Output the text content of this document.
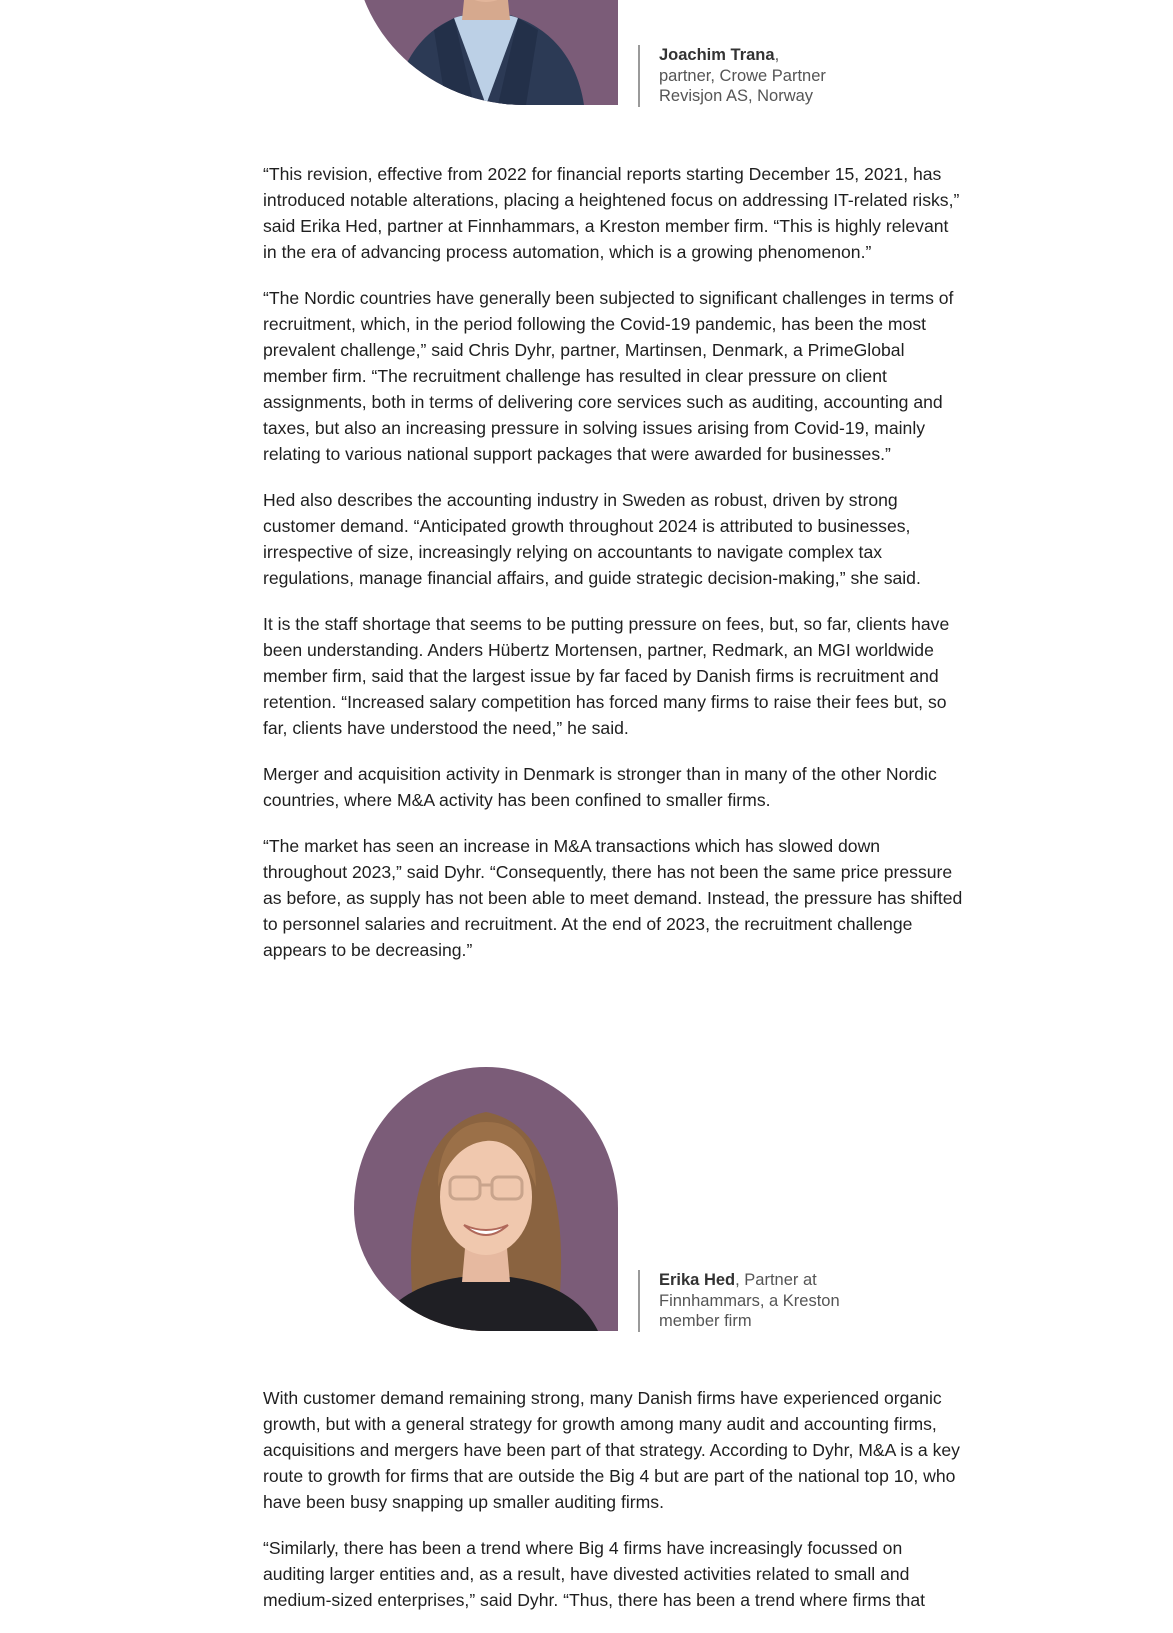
Joachim Trana,
partner, Crowe Partner
Revisjon AS, Norway

“This revision, effective from 2022 for financial reports starting December 15, 2021, has introduced notable alterations, placing a heightened focus on addressing IT-related risks,” said Erika Hed, partner at Finnhammars, a Kreston member firm. “This is highly relevant in the era of advancing process automation, which is a growing phenomenon.”

“The Nordic countries have generally been subjected to significant challenges in terms of recruitment, which, in the period following the Covid-19 pandemic, has been the most prevalent challenge,” said Chris Dyhr, partner, Martinsen, Denmark, a PrimeGlobal member firm. “The recruitment challenge has resulted in clear pressure on client assignments, both in terms of delivering core services such as auditing, accounting and taxes, but also an increasing pressure in solving issues arising from Covid-19, mainly relating to various national support packages that were awarded for businesses.”

Hed also describes the accounting industry in Sweden as robust, driven by strong customer demand. “Anticipated growth throughout 2024 is attributed to businesses, irrespective of size, increasingly relying on accountants to navigate complex tax regulations, manage financial affairs, and guide strategic decision-making,” she said.

It is the staff shortage that seems to be putting pressure on fees, but, so far, clients have been understanding. Anders Hübertz Mortensen, partner, Redmark, an MGI worldwide member firm, said that the largest issue by far faced by Danish firms is recruitment and retention. “Increased salary competition has forced many firms to raise their fees but, so far, clients have understood the need,” he said.

Merger and acquisition activity in Denmark is stronger than in many of the other Nordic countries, where M&A activity has been confined to smaller firms.

“The market has seen an increase in M&A transactions which has slowed down throughout 2023,” said Dyhr. “Consequently, there has not been the same price pressure as before, as supply has not been able to meet demand. Instead, the pressure has shifted to personnel salaries and recruitment. At the end of 2023, the recruitment challenge appears to be decreasing.”

Erika Hed, Partner at
Finnhammars, a Kreston
member firm

With customer demand remaining strong, many Danish firms have experienced organic growth, but with a general strategy for growth among many audit and accounting firms, acquisitions and mergers have been part of that strategy. According to Dyhr, M&A is a key route to growth for firms that are outside the Big 4 but are part of the national top 10, who have been busy snapping up smaller auditing firms.

“Similarly, there has been a trend where Big 4 firms have increasingly focussed on auditing larger entities and, as a result, have divested activities related to small and medium-sized enterprises,” said Dyhr. “Thus, there has been a trend where firms that
